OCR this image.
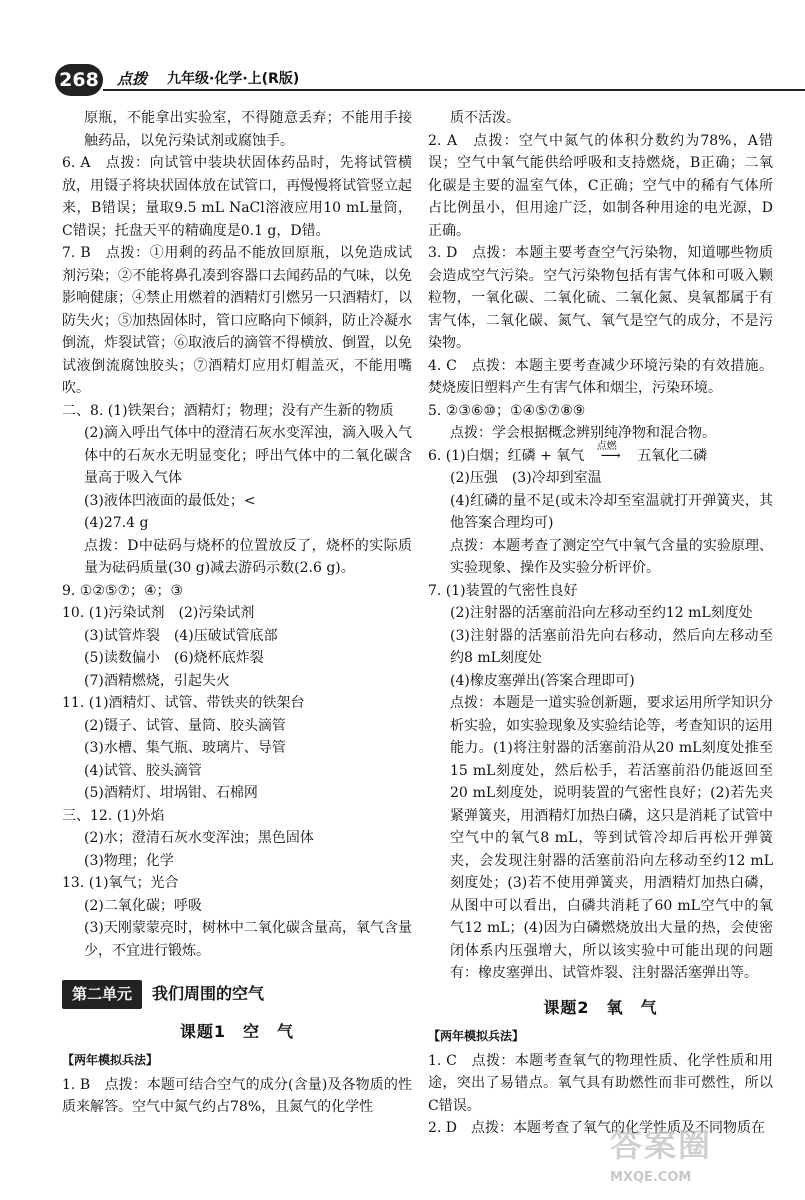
268 点拨 九年级·化学·上(R版)

原瓶，不能拿出实验室，不得随意丢弃；不能用手接触药品，以免污染试剂或腐蚀手。

6. A　点拨：向试管中装块状固体药品时，先将试管横放，用镊子将块状固体放在试管口，再慢慢将试管竖立起来，B错误；量取9.5 mL NaCl溶液应用10 mL量筒，C错误；托盘天平的精确度是0.1 g，D错。

7. B　点拨：①用剩的药品不能放回原瓶，以免造成试剂污染；②不能将鼻孔凑到容器口去闻药品的气味，以免影响健康；④禁止用燃着的酒精灯引燃另一只酒精灯，以防失火；⑤加热固体时，管口应略向下倾斜，防止冷凝水倒流，炸裂试管；⑥取液后的滴管不得横放、倒置，以免试液倒流腐蚀胶头；⑦酒精灯应用灯帽盖灭，不能用嘴吹。

二、8. (1)铁架台；酒精灯；物理；没有产生新的物质

(2)滴入呼出气体中的澄清石灰水变浑浊，滴入吸入气体中的石灰水无明显变化；呼出气体中的二氧化碳含量高于吸入气体

(3)液体凹液面的最低处；<

(4)27.4 g

点拨：D中砝码与烧杯的位置放反了，烧杯的实际质量为砝码质量(30 g)减去游码示数(2.6 g)。

9. ①②⑤⑦；④；③

10. (1)污染试剂　(2)污染试剂

(3)试管炸裂　(4)压破试管底部

(5)读数偏小　(6)烧杯底炸裂

(7)酒精燃烧，引起失火

11. (1)酒精灯、试管、带铁夹的铁架台

(2)镊子、试管、量筒、胶头滴管

(3)水槽、集气瓶、玻璃片、导管

(4)试管、胶头滴管

(5)酒精灯、坩埚钳、石棉网

三、12. (1)外焰

(2)水；澄清石灰水变浑浊；黑色固体

(3)物理；化学

13. (1)氧气；光合

(2)二氧化碳；呼吸

(3)天刚蒙蒙亮时，树林中二氧化碳含量高，氧气含量少，不宜进行锻炼。

第二单元	我们周围的空气
课题1　空　气
【两年模拟兵法】

1. B　点拨：本题可结合空气的成分(含量)及各物质的性质来解答。空气中氮气约占78%，且氮气的化学性

质不活泼。

2. A　点拨：空气中氮气的体积分数约为78%，A错误；空气中氧气能供给呼吸和支持燃烧，B正确；二氧化碳是主要的温室气体，C正确；空气中的稀有气体所占比例虽小，但用途广泛，如制各种用途的电光源，D正确。

3. D　点拨：本题主要考查空气污染物，知道哪些物质会造成空气污染。空气污染物包括有害气体和可吸入颗粒物，一氧化碳、二氧化硫、二氧化氮、臭氧都属于有害气体，二氧化碳、氮气、氧气是空气的成分，不是污染物。

4. C　点拨：本题主要考查减少环境污染的有效措施。焚烧废旧塑料产生有害气体和烟尘，污染环境。

5. ②③⑥⑩；①④⑤⑦⑧⑨

点拨：学会根据概念辨别纯净物和混合物。

6. (1)白烟；红磷 + 氧气
点燃
⟶ 五氧化二磷

(2)压强　(3)冷却到室温

(4)红磷的量不足(或未冷却至室温就打开弹簧夹，其他答案合理均可)

点拨：本题考查了测定空气中氧气含量的实验原理、实验现象、操作及实验分析评价。

7. (1)装置的气密性良好

(2)注射器的活塞前沿向左移动至约12 mL刻度处

(3)注射器的活塞前沿先向右移动，然后向左移动至约8 mL刻度处

(4)橡皮塞弹出(答案合理即可)

点拨：本题是一道实验创新题，要求运用所学知识分析实验，如实验现象及实验结论等，考查知识的运用能力。(1)将注射器的活塞前沿从20 mL刻度处推至15 mL刻度处，然后松手，若活塞前沿仍能返回至20 mL刻度处，说明装置的气密性良好；(2)若先夹紧弹簧夹，用酒精灯加热白磷，这只是消耗了试管中空气中的氧气8 mL，等到试管冷却后再松开弹簧夹，会发现注射器的活塞前沿向左移动至约12 mL刻度处；(3)若不使用弹簧夹，用酒精灯加热白磷，从图中可以看出，白磷共消耗了60 mL空气中的氧气12 mL；(4)因为白磷燃烧放出大量的热，会使密闭体系内压强增大，所以该实验中可能出现的问题有：橡皮塞弹出、试管炸裂、注射器活塞弹出等。

课题2　氧　气
【两年模拟兵法】

1. C　点拨：本题考查氧气的物理性质、化学性质和用途，突出了易错点。氧气具有助燃性而非可燃性，所以C错误。

2. D　点拨：本题考查了氧气的化学性质及不同物质在

答案圈
MXQE.COM
